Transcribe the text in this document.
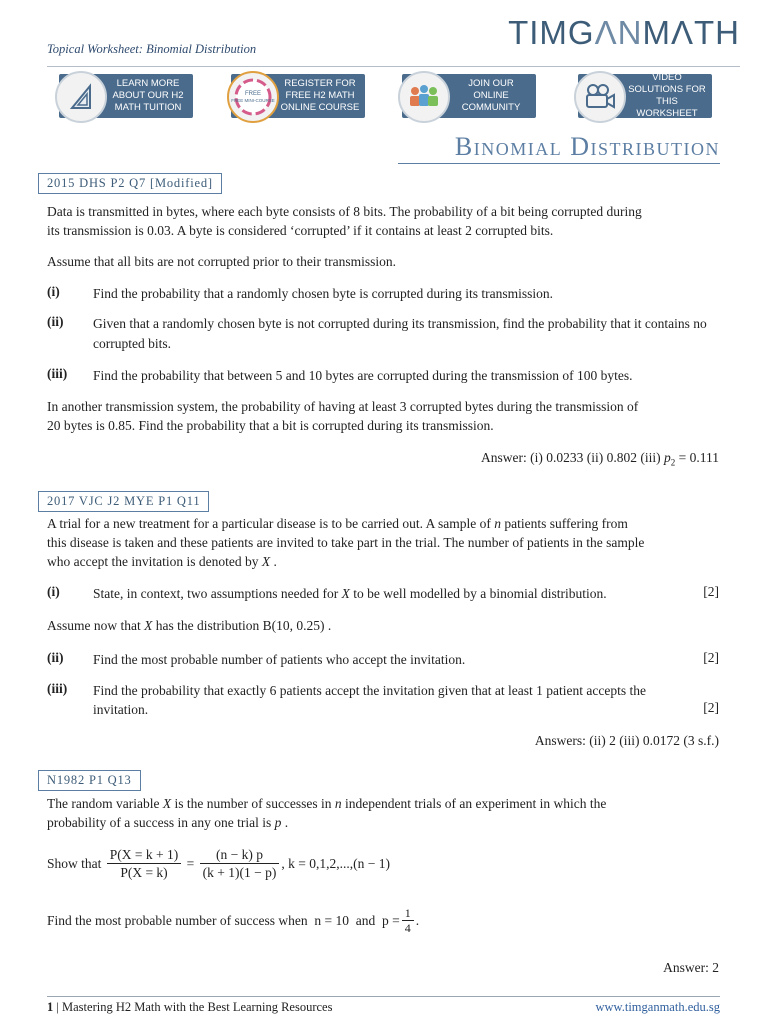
Topical Worksheet: Binomial Distribution	TIMGΛNMΛTH
LEARN MORE ABOUT OUR H2 MATH TUITION
FREE
FREE MINI-COURSE
REGISTER FOR FREE H2 MATH ONLINE COURSE
JOIN OUR ONLINE COMMUNITY
VIDEO SOLUTIONS FOR THIS WORKSHEET
Binomial Distribution
2015 DHS P2 Q7 [Modified]
Data is transmitted in bytes, where each byte consists of 8 bits. The probability of a bit being corrupted during
its transmission is 0.03. A byte is considered ‘corrupted’ if it contains at least 2 corrupted bits.
Assume that all bits are not corrupted prior to their transmission.
(i) Find the probability that a randomly chosen byte is corrupted during its transmission.
(ii) Given that a randomly chosen byte is not corrupted during its transmission, find the probability that it contains no corrupted bits.
(iii) Find the probability that between 5 and 10 bytes are corrupted during the transmission of 100 bytes.
In another transmission system, the probability of having at least 3 corrupted bytes during the transmission of
20 bytes is 0.85. Find the probability that a bit is corrupted during its transmission.
Answer: (i) 0.0233 (ii) 0.802 (iii) $p_2 = 0.111$
2017 VJC J2 MYE P1 Q11
A trial for a new treatment for a particular disease is to be carried out. A sample of n patients suffering from
this disease is taken and these patients are invited to take part in the trial. The number of patients in the sample
who accept the invitation is denoted by X .
(i) State, in context, two assumptions needed for X to be well modelled by a binomial distribution.	[2]
Assume now that X has the distribution B(10, 0.25) .
(ii) Find the most probable number of patients who accept the invitation.	[2]
(iii) Find the probability that exactly 6 patients accept the invitation given that at least 1 patient accepts the
invitation.	[2]
Answers: (ii) 2 (iii) 0.0172 (3 s.f.)
N1982 P1 Q13
The random variable X is the number of successes in n independent trials of an experiment in which the
probability of a success in any one trial is p .
Show that
$\frac{P(X = k + 1)}{P(X = k)} = \frac{(n - k) p}{(k + 1)(1 - p)}$ , k = 0,1,2,...,(n − 1)
Find the most probable number of success when
n = 10
and
$p = \frac{1}{4}$ .
Answer: 2
1 | Mastering H2 Math with the Best Learning Resources	www.timganmath.edu.sg
